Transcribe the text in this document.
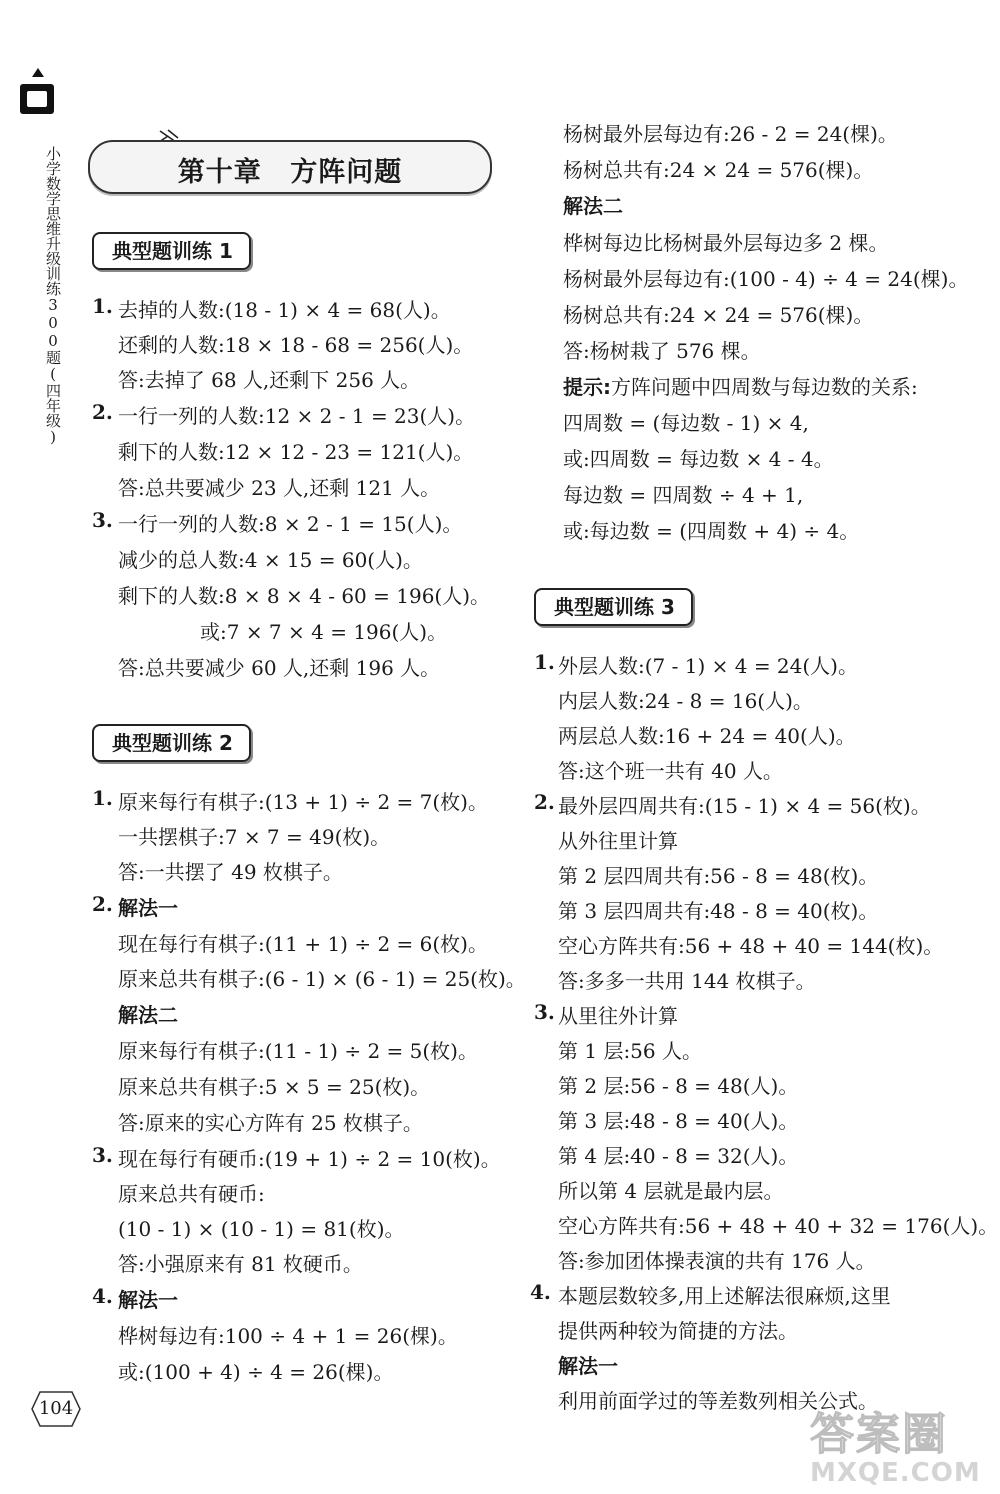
小学数学思维升级训练300题(四年级)	第十章 方阵问题
典型题训练 1
1. 去掉的人数:(18 - 1) × 4 = 68(人)。
还剩的人数:18 × 18 - 68 = 256(人)。
答:去掉了 68 人,还剩下 256 人。
2. 一行一列的人数:12 × 2 - 1 = 23(人)。
剩下的人数:12 × 12 - 23 = 121(人)。
答:总共要减少 23 人,还剩 121 人。
3. 一行一列的人数:8 × 2 - 1 = 15(人)。
减少的总人数:4 × 15 = 60(人)。
剩下的人数:8 × 8 × 4 - 60 = 196(人)。
或:7 × 7 × 4 = 196(人)。
答:总共要减少 60 人,还剩 196 人。
典型题训练 2
1. 原来每行有棋子:(13 + 1) ÷ 2 = 7(枚)。
一共摆棋子:7 × 7 = 49(枚)。
答:一共摆了 49 枚棋子。
2. 解法一
现在每行有棋子:(11 + 1) ÷ 2 = 6(枚)。
原来总共有棋子:(6 - 1) × (6 - 1) = 25(枚)。
解法二
原来每行有棋子:(11 - 1) ÷ 2 = 5(枚)。
原来总共有棋子:5 × 5 = 25(枚)。
答:原来的实心方阵有 25 枚棋子。
3. 现在每行有硬币:(19 + 1) ÷ 2 = 10(枚)。
原来总共有硬币:
(10 - 1) × (10 - 1) = 81(枚)。
答:小强原来有 81 枚硬币。
4. 解法一
桦树每边有:100 ÷ 4 + 1 = 26(棵)。
或:(100 + 4) ÷ 4 = 26(棵)。
杨树最外层每边有:26 - 2 = 24(棵)。
杨树总共有:24 × 24 = 576(棵)。
解法二
桦树每边比杨树最外层每边多 2 棵。
杨树最外层每边有:(100 - 4) ÷ 4 = 24(棵)。
杨树总共有:24 × 24 = 576(棵)。
答:杨树栽了 576 棵。
提示:方阵问题中四周数与每边数的关系:
四周数 = (每边数 - 1) × 4,
或:四周数 = 每边数 × 4 - 4。
每边数 = 四周数 ÷ 4 + 1,
或:每边数 = (四周数 + 4) ÷ 4。
典型题训练 3
1. 外层人数:(7 - 1) × 4 = 24(人)。
内层人数:24 - 8 = 16(人)。
两层总人数:16 + 24 = 40(人)。
答:这个班一共有 40 人。
2. 最外层四周共有:(15 - 1) × 4 = 56(枚)。
从外往里计算
第 2 层四周共有:56 - 8 = 48(枚)。
第 3 层四周共有:48 - 8 = 40(枚)。
空心方阵共有:56 + 48 + 40 = 144(枚)。
答:多多一共用 144 枚棋子。
3. 从里往外计算
第 1 层:56 人。
第 2 层:56 - 8 = 48(人)。
第 3 层:48 - 8 = 40(人)。
第 4 层:40 - 8 = 32(人)。
所以第 4 层就是最内层。
空心方阵共有:56 + 48 + 40 + 32 = 176(人)。
答:参加团体操表演的共有 176 人。
4. 本题层数较多,用上述解法很麻烦,这里
提供两种较为简捷的方法。
解法一
利用前面学过的等差数列相关公式。
104
答案圈
MXQE.COM
